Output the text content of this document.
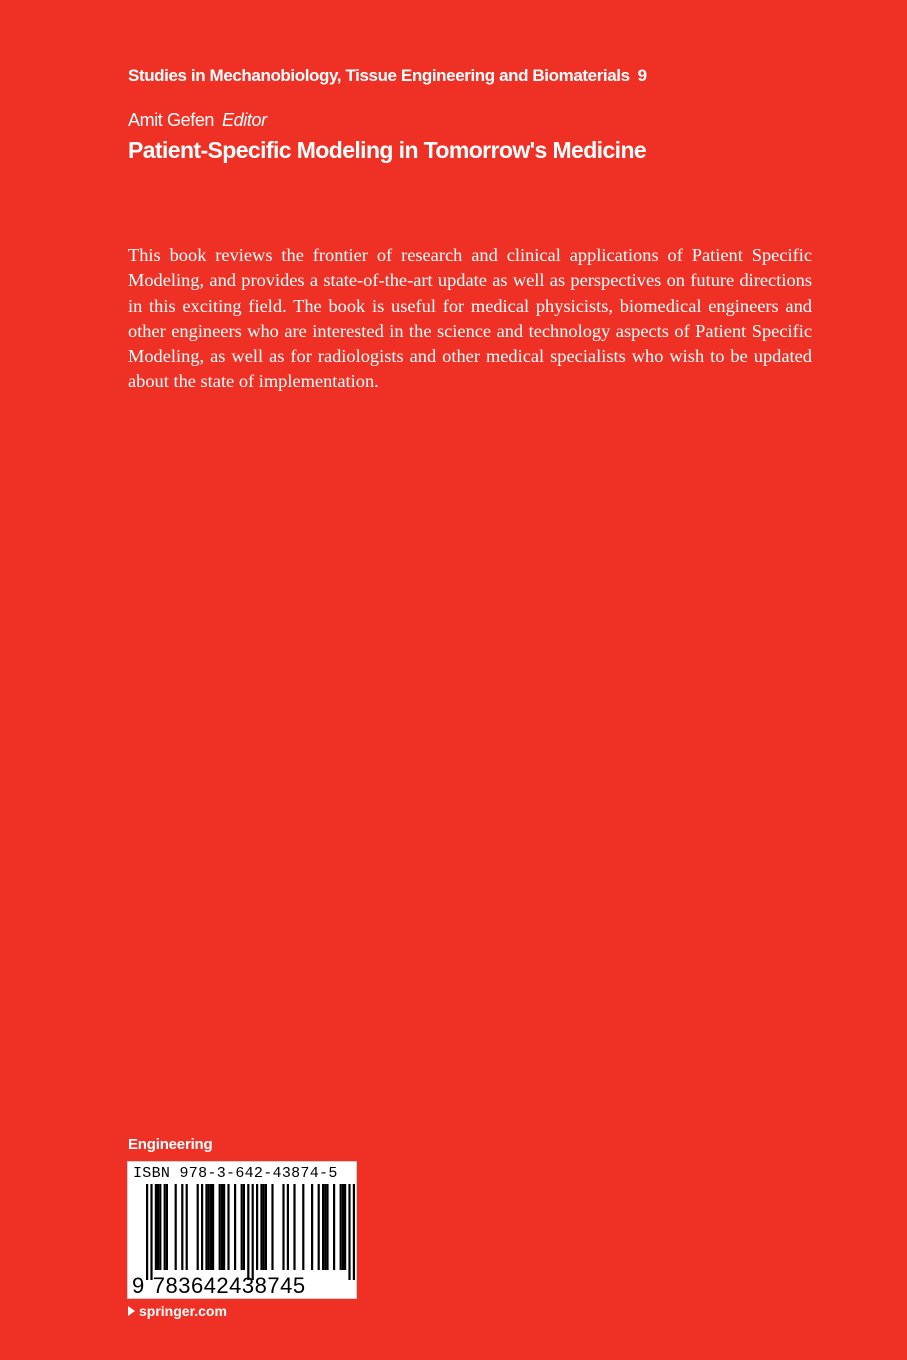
Studies in Mechanobiology, Tissue Engineering and Biomaterials 9
Amit Gefen Editor
Patient-Specific Modeling in Tomorrow's Medicine

This book reviews the frontier of research and clinical applications of Patient Specific Modeling, and provides a state-of-the-art update as well as perspectives on future directions in this exciting field. The book is useful for medical physicists, biomedical engineers and other engineers who are interested in the science and technology aspects of Patient Specific Modeling, as well as for radiologists and other medical specialists who wish to be updated about the state of implementation.

Engineering
ISBN 978-3-642-43874-5
9 783642438745
springer.com
